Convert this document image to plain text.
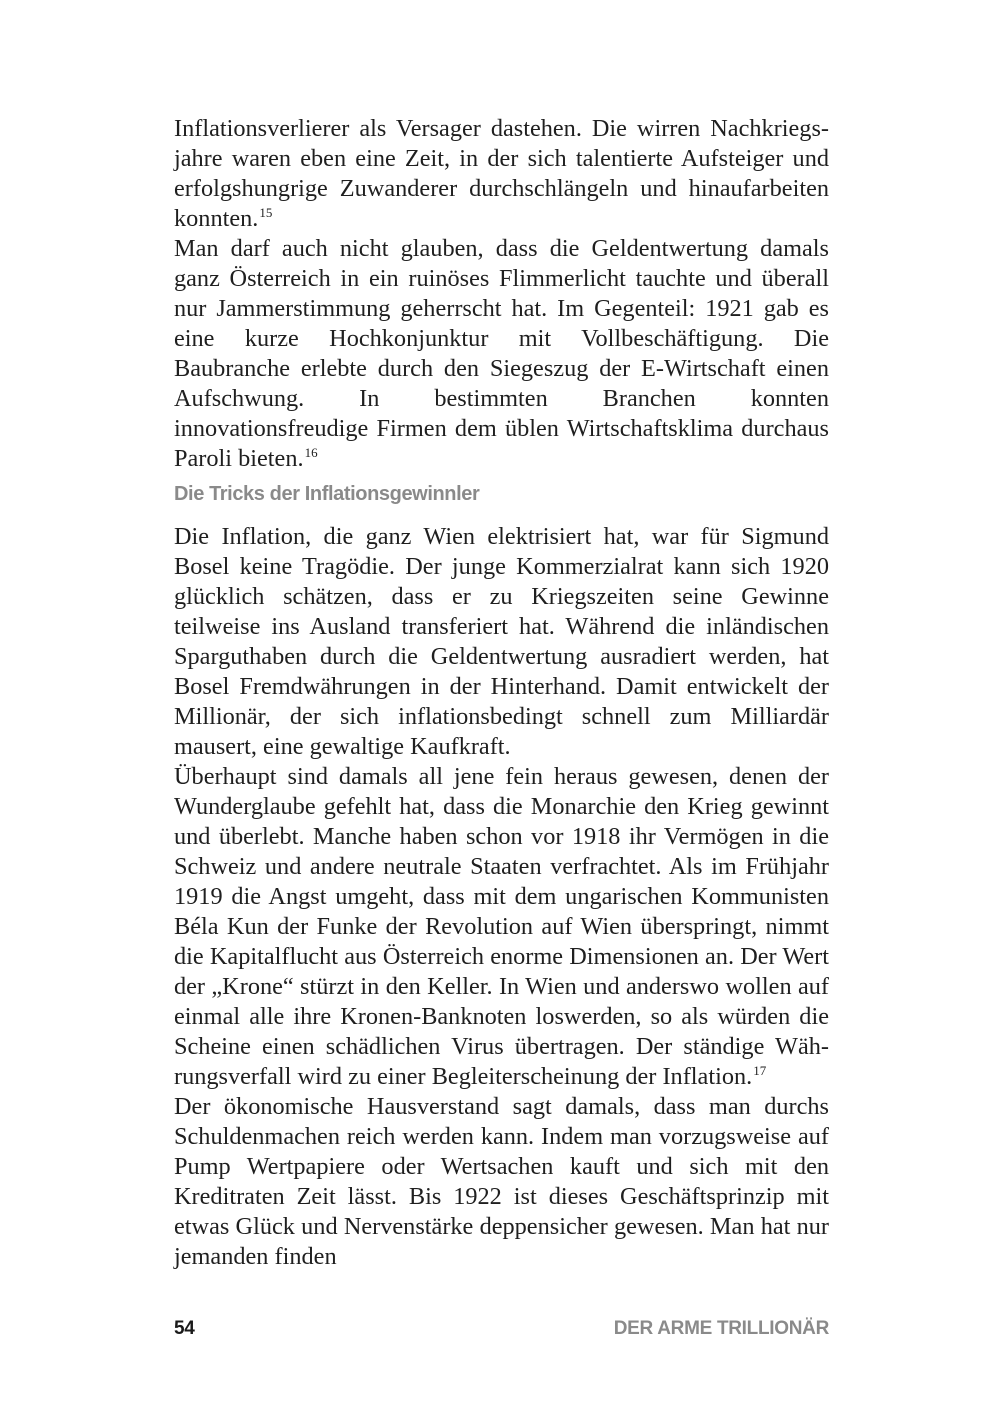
Inflationsverlierer als Versager dastehen. Die wirren Nachkriegsjahre waren eben eine Zeit, in der sich talentierte Aufsteiger und erfolgshungrige Zuwanderer durchschlängeln und hinaufarbeiten konnten.$^{15}$

Man darf auch nicht glauben, dass die Geldentwertung damals ganz Österreich in ein ruinöses Flimmerlicht tauchte und überall nur Jammerstimmung geherrscht hat. Im Gegenteil: 1921 gab es eine kurze Hochkonjunktur mit Vollbeschäftigung. Die Baubranche erlebte durch den Siegeszug der E-Wirtschaft einen Aufschwung. In bestimmten Branchen konnten innovationsfreudige Firmen dem üblen Wirtschaftsklima durchaus Paroli bieten.$^{16}$

Die Tricks der Inflationsgewinnler

Die Inflation, die ganz Wien elektrisiert hat, war für Sigmund Bosel keine Tragödie. Der junge Kommerzialrat kann sich 1920 glücklich schätzen, dass er zu Kriegszeiten seine Gewinne teilweise ins Ausland transferiert hat. Während die inländischen Sparguthaben durch die Geldentwertung ausradiert werden, hat Bosel Fremdwährungen in der Hinterhand. Damit entwickelt der Millionär, der sich inflationsbedingt schnell zum Milliardär mausert, eine gewaltige Kaufkraft.

Überhaupt sind damals all jene fein heraus gewesen, denen der Wunderglaube gefehlt hat, dass die Monarchie den Krieg gewinnt und überlebt. Manche haben schon vor 1918 ihr Vermögen in die Schweiz und andere neutrale Staaten verfrachtet. Als im Frühjahr 1919 die Angst umgeht, dass mit dem ungarischen Kommunisten Béla Kun der Funke der Revolution auf Wien überspringt, nimmt die Kapitalflucht aus Österreich enorme Dimensionen an. Der Wert der „Krone“ stürzt in den Keller. In Wien und anderswo wollen auf einmal alle ihre Kronen-Banknoten loswerden, so als würden die Scheine einen schädlichen Virus übertragen. Der ständige Währungsverfall wird zu einer Begleiterscheinung der Inflation.$^{17}$

Der ökonomische Hausverstand sagt damals, dass man durchs Schuldenmachen reich werden kann. Indem man vorzugsweise auf Pump Wertpapiere oder Wertsachen kauft und sich mit den Kreditraten Zeit lässt. Bis 1922 ist dieses Geschäftsprinzip mit etwas Glück und Nervenstärke deppensicher gewesen. Man hat nur jemanden finden

54	DER ARME TRILLIONÄR
